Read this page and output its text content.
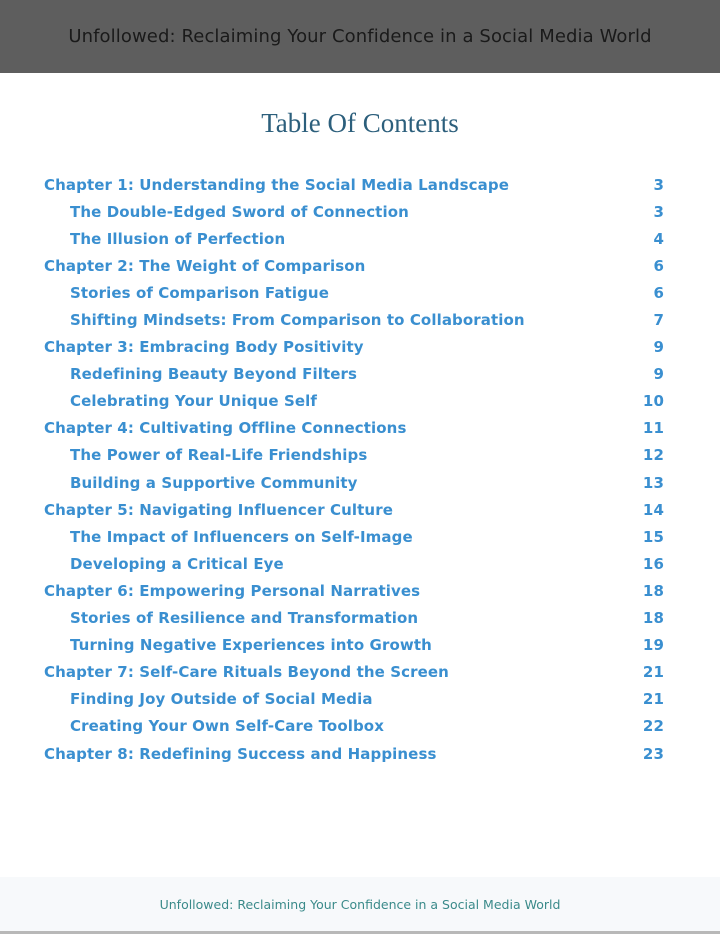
Unfollowed: Reclaiming Your Confidence in a Social Media World
Table Of Contents
Chapter 1: Understanding the Social Media Landscape	3
The Double-Edged Sword of Connection	3
The Illusion of Perfection	4
Chapter 2: The Weight of Comparison	6
Stories of Comparison Fatigue	6
Shifting Mindsets: From Comparison to Collaboration	7
Chapter 3: Embracing Body Positivity	9
Redefining Beauty Beyond Filters	9
Celebrating Your Unique Self	10
Chapter 4: Cultivating Offline Connections	11
The Power of Real-Life Friendships	12
Building a Supportive Community	13
Chapter 5: Navigating Influencer Culture	14
The Impact of Influencers on Self-Image	15
Developing a Critical Eye	16
Chapter 6: Empowering Personal Narratives	18
Stories of Resilience and Transformation	18
Turning Negative Experiences into Growth	19
Chapter 7: Self-Care Rituals Beyond the Screen	21
Finding Joy Outside of Social Media	21
Creating Your Own Self-Care Toolbox	22
Chapter 8: Redefining Success and Happiness	23
Unfollowed: Reclaiming Your Confidence in a Social Media World
